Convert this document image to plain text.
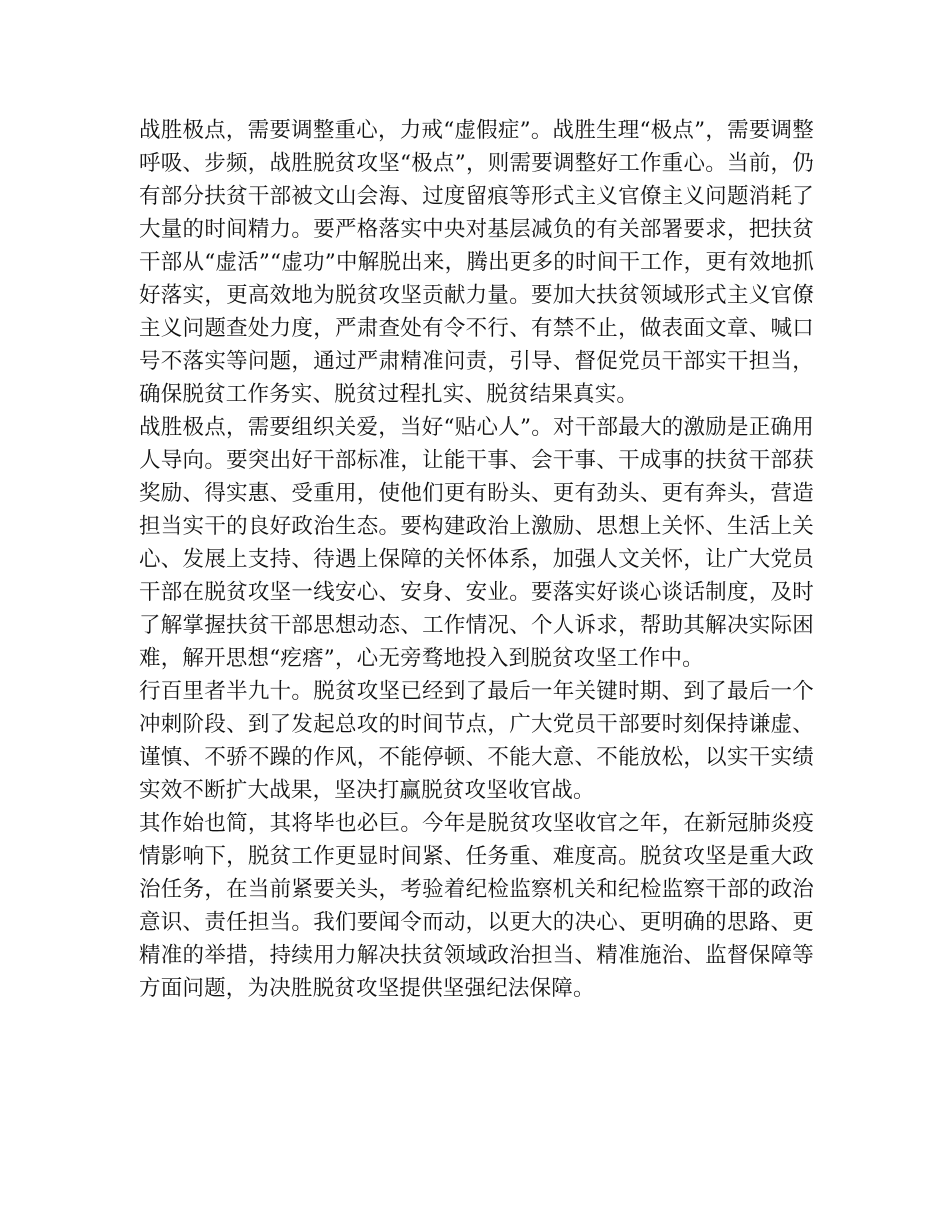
战胜极点，需要调整重心，力戒“虚假症”。战胜生理“极点”，需要调整呼吸、步频，战胜脱贫攻坚“极点”，则需要调整好工作重心。当前，仍有部分扶贫干部被文山会海、过度留痕等形式主义官僚主义问题消耗了大量的时间精力。要严格落实中央对基层减负的有关部署要求，把扶贫干部从“虚活”“虚功”中解脱出来，腾出更多的时间干工作，更有效地抓好落实，更高效地为脱贫攻坚贡献力量。要加大扶贫领域形式主义官僚主义问题查处力度，严肃查处有令不行、有禁不止，做表面文章、喊口号不落实等问题，通过严肃精准问责，引导、督促党员干部实干担当，确保脱贫工作务实、脱贫过程扎实、脱贫结果真实。

战胜极点，需要组织关爱，当好“贴心人”。对干部最大的激励是正确用人导向。要突出好干部标准，让能干事、会干事、干成事的扶贫干部获奖励、得实惠、受重用，使他们更有盼头、更有劲头、更有奔头，营造担当实干的良好政治生态。要构建政治上激励、思想上关怀、生活上关心、发展上支持、待遇上保障的关怀体系，加强人文关怀，让广大党员干部在脱贫攻坚一线安心、安身、安业。要落实好谈心谈话制度，及时了解掌握扶贫干部思想动态、工作情况、个人诉求，帮助其解决实际困难，解开思想“疙瘩”，心无旁骛地投入到脱贫攻坚工作中。

行百里者半九十。脱贫攻坚已经到了最后一年关键时期、到了最后一个冲刺阶段、到了发起总攻的时间节点，广大党员干部要时刻保持谦虚、谨慎、不骄不躁的作风，不能停顿、不能大意、不能放松，以实干实绩实效不断扩大战果，坚决打赢脱贫攻坚收官战。

其作始也简，其将毕也必巨。今年是脱贫攻坚收官之年，在新冠肺炎疫情影响下，脱贫工作更显时间紧、任务重、难度高。脱贫攻坚是重大政治任务，在当前紧要关头，考验着纪检监察机关和纪检监察干部的政治意识、责任担当。我们要闻令而动，以更大的决心、更明确的思路、更精准的举措，持续用力解决扶贫领域政治担当、精准施治、监督保障等方面问题，为决胜脱贫攻坚提供坚强纪法保障。
